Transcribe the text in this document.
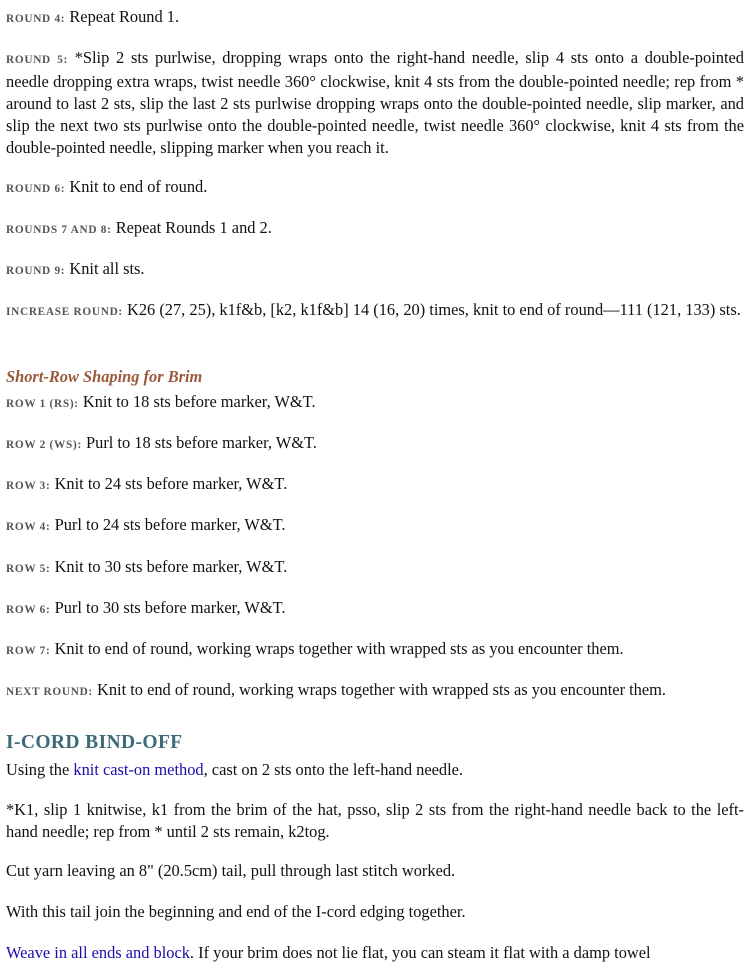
ROUND 4: Repeat Round 1.

ROUND 5: *Slip 2 sts purlwise, dropping wraps onto the right-hand needle, slip 4 sts onto a double-pointed needle dropping extra wraps, twist needle 360° clockwise, knit 4 sts from the double-pointed needle; rep from * around to last 2 sts, slip the last 2 sts purlwise dropping wraps onto the double-pointed needle, slip marker, and slip the next two sts purlwise onto the double-pointed needle, twist needle 360° clockwise, knit 4 sts from the double-pointed needle, slipping marker when you reach it.

ROUND 6: Knit to end of round.

ROUNDS 7 AND 8: Repeat Rounds 1 and 2.

ROUND 9: Knit all sts.

INCREASE ROUND: K26 (27, 25), k1f&b, [k2, k1f&b] 14 (16, 20) times, knit to end of round—111 (121, 133) sts.

Short-Row Shaping for Brim

ROW 1 (RS): Knit to 18 sts before marker, W&T.

ROW 2 (WS): Purl to 18 sts before marker, W&T.

ROW 3: Knit to 24 sts before marker, W&T.

ROW 4: Purl to 24 sts before marker, W&T.

ROW 5: Knit to 30 sts before marker, W&T.

ROW 6: Purl to 30 sts before marker, W&T.

ROW 7: Knit to end of round, working wraps together with wrapped sts as you encounter them.

NEXT ROUND: Knit to end of round, working wraps together with wrapped sts as you encounter them.

I-CORD BIND-OFF

Using the knit cast-on method, cast on 2 sts onto the left-hand needle.

*K1, slip 1 knitwise, k1 from the brim of the hat, psso, slip 2 sts from the right-hand needle back to the left-hand needle; rep from * until 2 sts remain, k2tog.

Cut yarn leaving an 8" (20.5cm) tail, pull through last stitch worked.

With this tail join the beginning and end of the I-cord edging together.

Weave in all ends and block. If your brim does not lie flat, you can steam it flat with a damp towel
